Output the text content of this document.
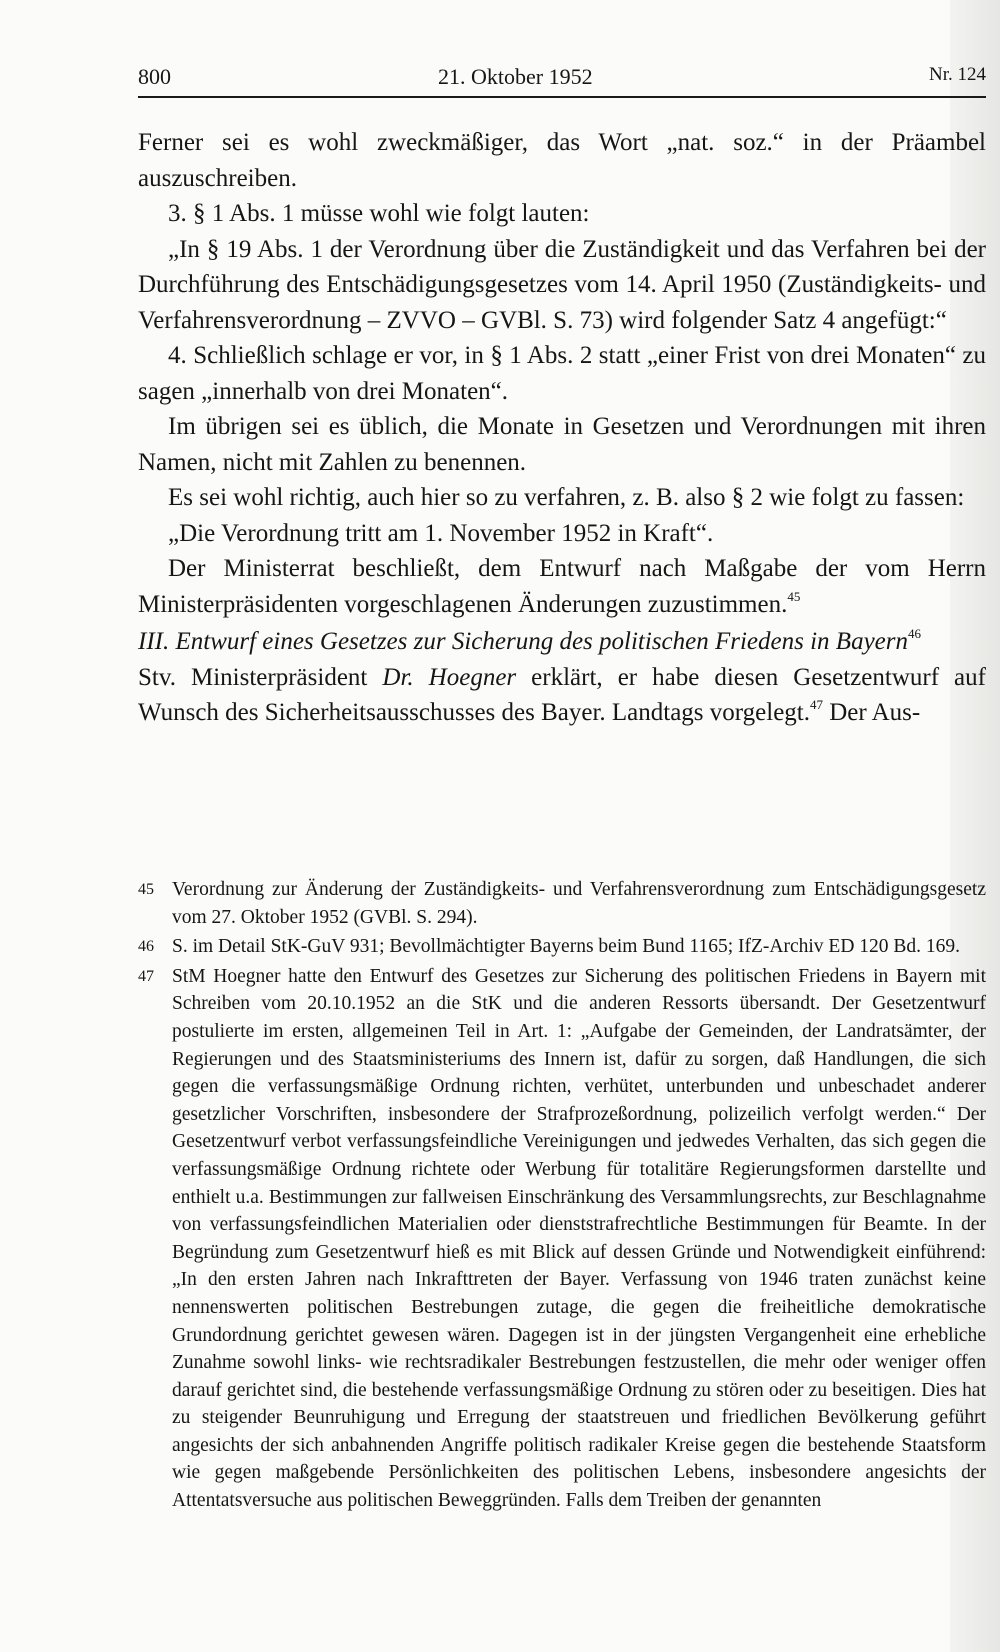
800	21. Oktober 1952	Nr. 124

Ferner sei es wohl zweckmäßiger, das Wort „nat. soz.“ in der Präambel auszuschreiben.

3. § 1 Abs. 1 müsse wohl wie folgt lauten:

„In § 19 Abs. 1 der Verordnung über die Zuständigkeit und das Verfahren bei der Durchführung des Entschädigungsgesetzes vom 14. April 1950 (Zuständigkeits- und Verfahrensverordnung – ZVVO – GVBl. S. 73) wird folgender Satz 4 angefügt:“

4. Schließlich schlage er vor, in § 1 Abs. 2 statt „einer Frist von drei Monaten“ zu sagen „innerhalb von drei Monaten“.

Im übrigen sei es üblich, die Monate in Gesetzen und Verordnungen mit ihren Namen, nicht mit Zahlen zu benennen.

Es sei wohl richtig, auch hier so zu verfahren, z. B. also § 2 wie folgt zu fassen:

„Die Verordnung tritt am 1. November 1952 in Kraft“.

Der Ministerrat beschließt, dem Entwurf nach Maßgabe der vom Herrn Ministerpräsidenten vorgeschlagenen Änderungen zuzustimmen.$^{45}$

III. Entwurf eines Gesetzes zur Sicherung des politischen Friedens in Bayern$^{46}$

Stv. Ministerpräsident Dr. Hoegner erklärt, er habe diesen Gesetzentwurf auf Wunsch des Sicherheitsausschusses des Bayer. Landtags vorgelegt.$^{47}$ Der Aus-

45 Verordnung zur Änderung der Zuständigkeits- und Verfahrensverordnung zum Entschädigungsgesetz vom 27. Oktober 1952 (GVBl. S. 294).
46 S. im Detail StK-GuV 931; Bevollmächtigter Bayerns beim Bund 1165; IfZ-Archiv ED 120 Bd. 169.
47 StM Hoegner hatte den Entwurf des Gesetzes zur Sicherung des politischen Friedens in Bayern mit Schreiben vom 20.10.1952 an die StK und die anderen Ressorts übersandt. Der Gesetzentwurf postulierte im ersten, allgemeinen Teil in Art. 1: „Aufgabe der Gemeinden, der Landratsämter, der Regierungen und des Staatsministeriums des Innern ist, dafür zu sorgen, daß Handlungen, die sich gegen die verfassungsmäßige Ordnung richten, verhütet, unterbunden und unbeschadet anderer gesetzlicher Vorschriften, insbesondere der Strafprozeßordnung, polizeilich verfolgt werden.“ Der Gesetzentwurf verbot verfassungsfeindliche Vereinigungen und jedwedes Verhalten, das sich gegen die verfassungsmäßige Ordnung richtete oder Werbung für totalitäre Regierungsformen darstellte und enthielt u.a. Bestimmungen zur fallweisen Einschränkung des Versammlungsrechts, zur Beschlagnahme von verfassungsfeindlichen Materialien oder dienststrafrechtliche Bestimmungen für Beamte. In der Begründung zum Gesetzentwurf hieß es mit Blick auf dessen Gründe und Notwendigkeit einführend: „In den ersten Jahren nach Inkrafttreten der Bayer. Verfassung von 1946 traten zunächst keine nennenswerten politischen Bestrebungen zutage, die gegen die freiheitliche demokratische Grundordnung gerichtet gewesen wären. Dagegen ist in der jüngsten Vergangenheit eine erhebliche Zunahme sowohl links- wie rechtsradikaler Bestrebungen festzustellen, die mehr oder weniger offen darauf gerichtet sind, die bestehende verfassungsmäßige Ordnung zu stören oder zu beseitigen. Dies hat zu steigender Beunruhigung und Erregung der staatstreuen und friedlichen Bevölkerung geführt angesichts der sich anbahnenden Angriffe politisch radikaler Kreise gegen die bestehende Staatsform wie gegen maßgebende Persönlichkeiten des politischen Lebens, insbesondere angesichts der Attentatsversuche aus politischen Beweggründen. Falls dem Treiben der genannten
